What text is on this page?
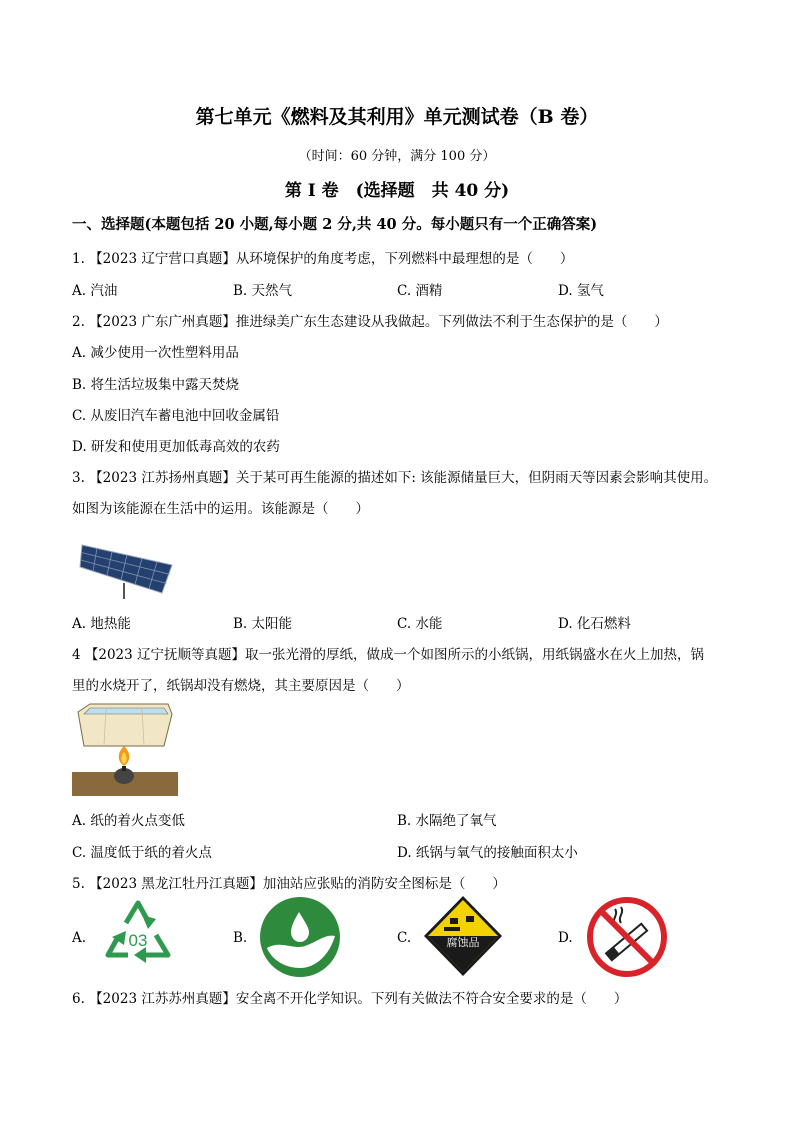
第七单元《燃料及其利用》单元测试卷（B 卷）
（时间：60 分钟，满分 100 分）
第 I 卷　(选择题　共 40 分)
一、选择题(本题包括 20 小题,每小题 2 分,共 40 分。每小题只有一个正确答案)
1. 【2023 辽宁营口真题】从环境保护的角度考虑，下列燃料中最理想的是（　　）
A. 汽油	B. 天然气	C. 酒精	D. 氢气
2. 【2023 广东广州真题】推进绿美广东生态建设从我做起。下列做法不利于生态保护的是（　　）
A. 减少使用一次性塑料用品
B. 将生活垃圾集中露天焚烧
C. 从废旧汽车蓄电池中回收金属铅
D. 研发和使用更加低毒高效的农药
3. 【2023 江苏扬州真题】关于某可再生能源的描述如下: 该能源储量巨大，但阴雨天等因素会影响其使用。
如图为该能源在生活中的运用。该能源是（　　）
A. 地热能	B. 太阳能	C. 水能	D. 化石燃料
4 【2023 辽宁抚顺等真题】取一张光滑的厚纸，做成一个如图所示的小纸锅，用纸锅盛水在火上加热，锅
里的水烧开了，纸锅却没有燃烧，其主要原因是（　　）
A. 纸的着火点变低	B. 水隔绝了氧气
C. 温度低于纸的着火点	D. 纸锅与氧气的接触面积太小
5. 【2023 黑龙江牡丹江真题】加油站应张贴的消防安全图标是（　　）
A. 03	B.	C.	腐蚀品	D.
6. 【2023 江苏苏州真题】安全离不开化学知识。下列有关做法不符合安全要求的是（　　）
